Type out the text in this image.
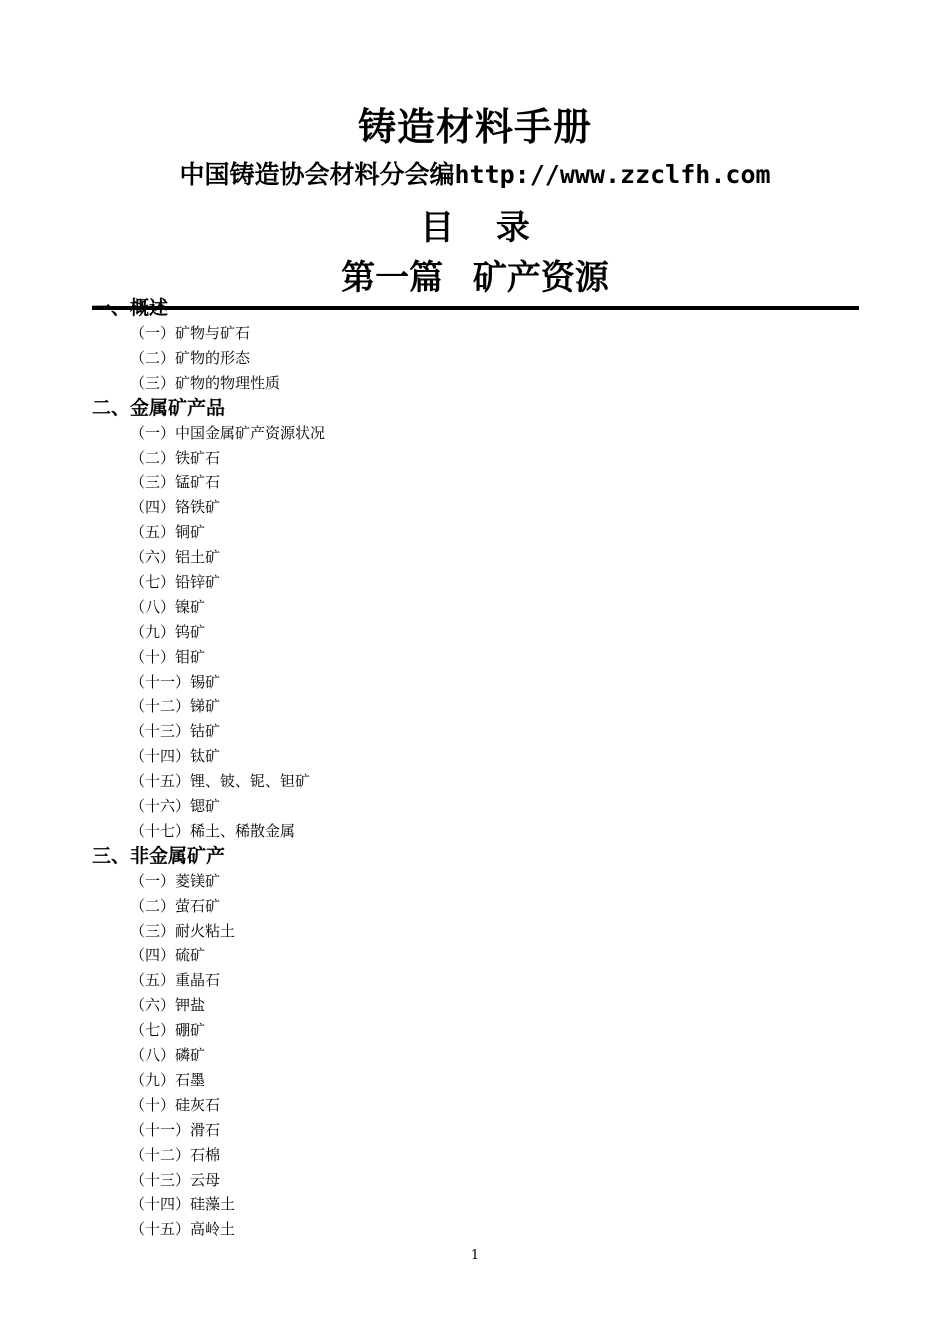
铸造材料手册
中国铸造协会材料分会编http://www.zzclfh.com
目 录
第一篇 矿产资源
一、概述
（一）矿物与矿石
（二）矿物的形态
（三）矿物的物理性质
二、金属矿产品
（一）中国金属矿产资源状况
（二）铁矿石
（三）锰矿石
（四）铬铁矿
（五）铜矿
（六）铝土矿
（七）铅锌矿
（八）镍矿
（九）钨矿
（十）钼矿
（十一）锡矿
（十二）锑矿
（十三）钴矿
（十四）钛矿
（十五）锂、铍、铌、钽矿
（十六）锶矿
（十七）稀土、稀散金属
三、非金属矿产
（一）菱镁矿
（二）萤石矿
（三）耐火粘土
（四）硫矿
（五）重晶石
（六）钾盐
（七）硼矿
（八）磷矿
（九）石墨
（十）硅灰石
（十一）滑石
（十二）石棉
（十三）云母
（十四）硅藻土
（十五）高岭土
1
